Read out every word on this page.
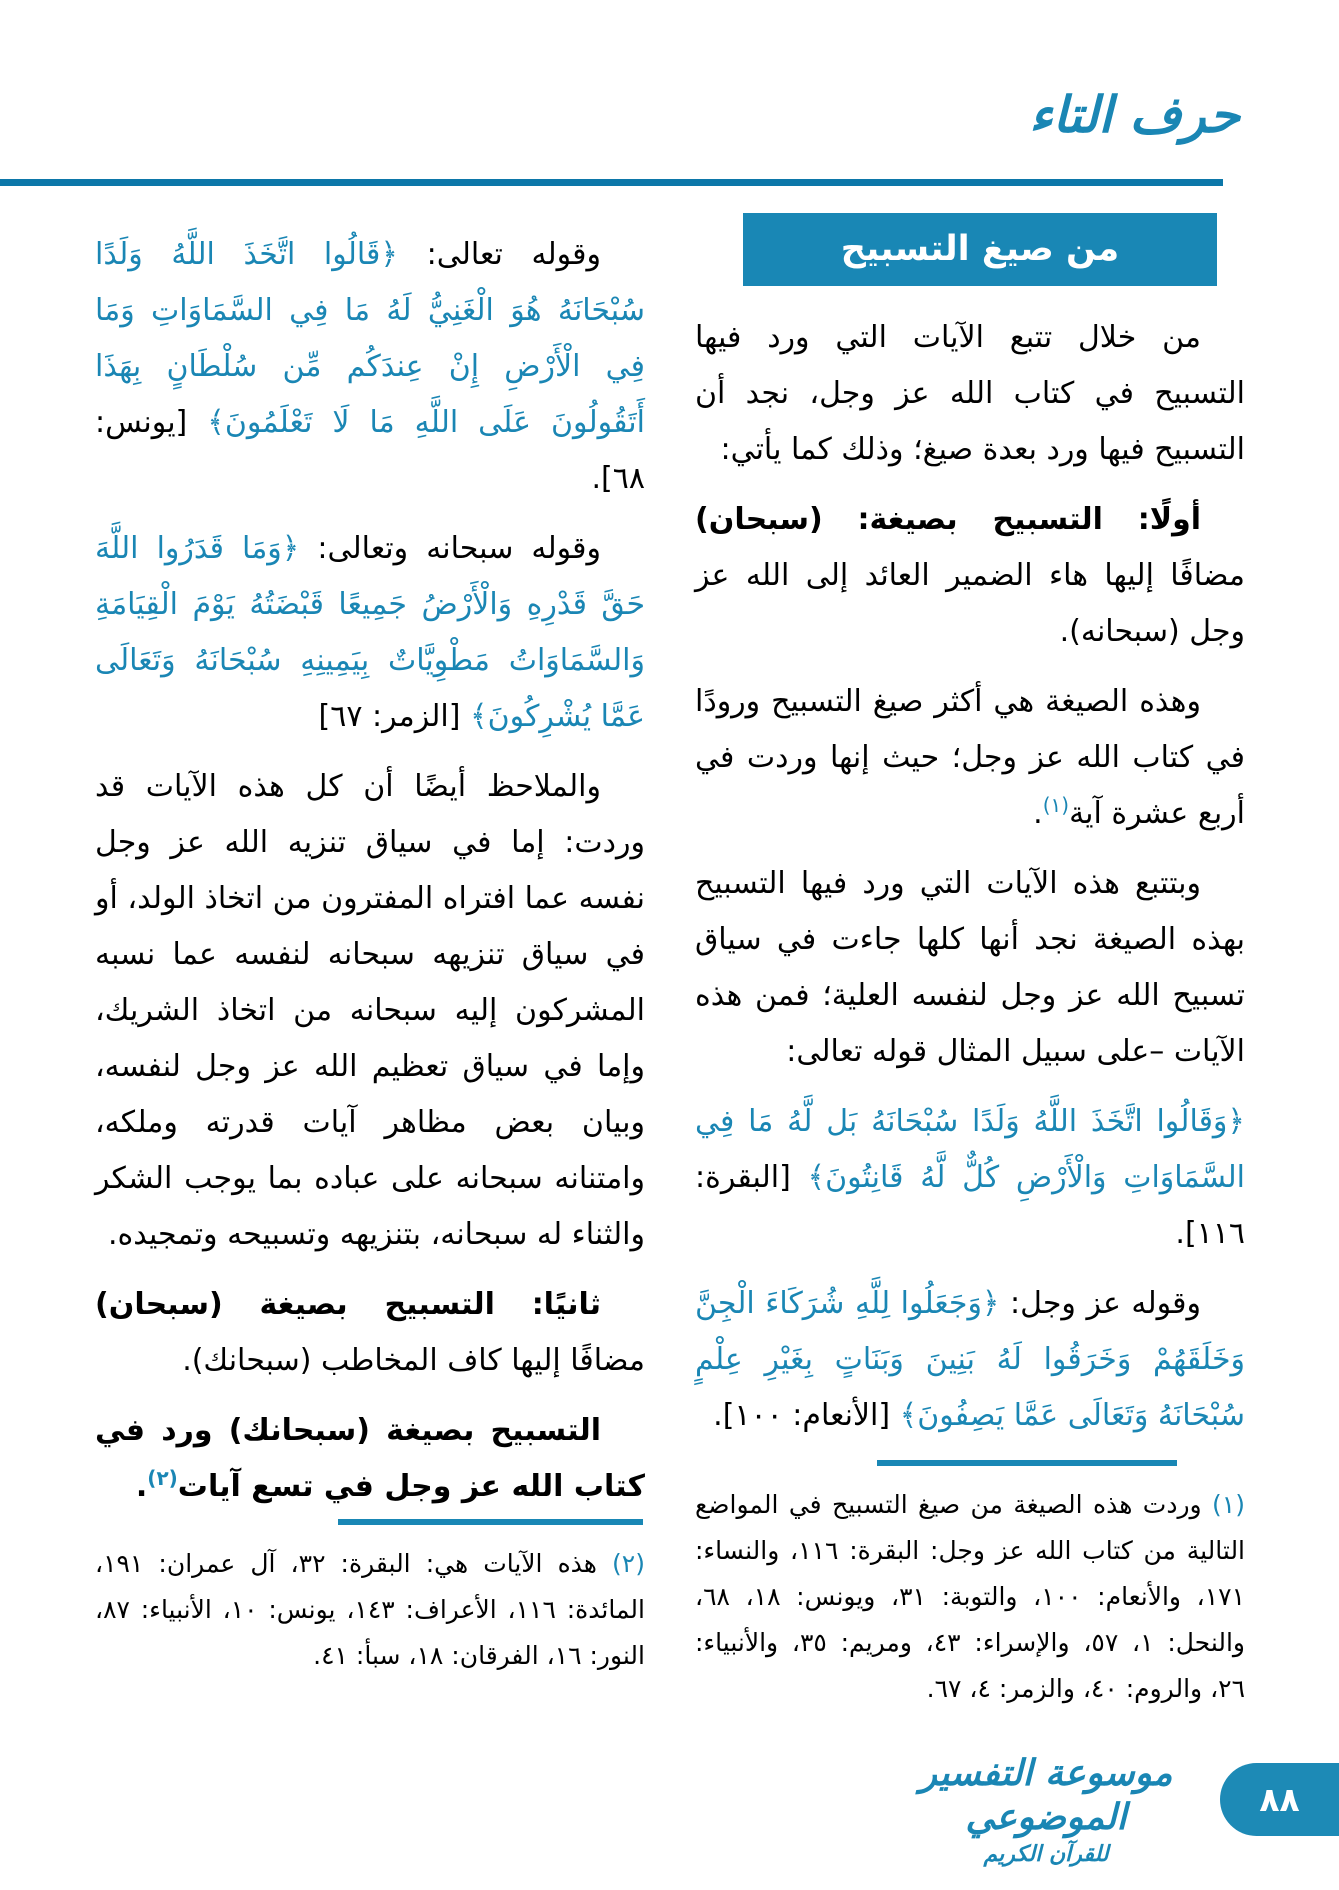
حرف التاء
من صيغ التسبيح

من خلال تتبع الآيات التي ورد فيها التسبيح في كتاب الله عز وجل، نجد أن التسبيح فيها ورد بعدة صيغ؛ وذلك كما يأتي:

أولًا: التسبيح بصيغة: (سبحان) مضافًا إليها هاء الضمير العائد إلى الله عز وجل (سبحانه).

وهذه الصيغة هي أكثر صيغ التسبيح ورودًا في كتاب الله عز وجل؛ حيث إنها وردت في أربع عشرة آية$^{(١)}$.

وبتتبع هذه الآيات التي ورد فيها التسبيح بهذه الصيغة نجد أنها كلها جاءت في سياق تسبيح الله عز وجل لنفسه العلية؛ فمن هذه الآيات –على سبيل المثال قوله تعالى:

﴿وَقَالُوا اتَّخَذَ اللَّهُ وَلَدًا سُبْحَانَهُ بَل لَّهُ مَا فِي السَّمَاوَاتِ وَالْأَرْضِ كُلٌّ لَّهُ قَانِتُونَ﴾ [البقرة: ١١٦].

وقوله عز وجل: ﴿وَجَعَلُوا لِلَّهِ شُرَكَاءَ الْجِنَّ وَخَلَقَهُمْ وَخَرَقُوا لَهُ بَنِينَ وَبَنَاتٍ بِغَيْرِ عِلْمٍ سُبْحَانَهُ وَتَعَالَى عَمَّا يَصِفُونَ﴾ [الأنعام: ١٠٠].

(١) وردت هذه الصيغة من صيغ التسبيح في المواضع التالية من كتاب الله عز وجل: البقرة: ١١٦، والنساء: ١٧١، والأنعام: ١٠٠، والتوبة: ٣١، ويونس: ١٨، ٦٨، والنحل: ١، ٥٧، والإسراء: ٤٣، ومريم: ٣٥، والأنبياء: ٢٦، والروم: ٤٠، والزمر: ٤، ٦٧.

وقوله تعالى: ﴿قَالُوا اتَّخَذَ اللَّهُ وَلَدًا سُبْحَانَهُ هُوَ الْغَنِيُّ لَهُ مَا فِي السَّمَاوَاتِ وَمَا فِي الْأَرْضِ إِنْ عِندَكُم مِّن سُلْطَانٍ بِهَذَا أَتَقُولُونَ عَلَى اللَّهِ مَا لَا تَعْلَمُونَ﴾ [يونس: ٦٨].

وقوله سبحانه وتعالى: ﴿وَمَا قَدَرُوا اللَّهَ حَقَّ قَدْرِهِ وَالْأَرْضُ جَمِيعًا قَبْضَتُهُ يَوْمَ الْقِيَامَةِ وَالسَّمَاوَاتُ مَطْوِيَّاتٌ بِيَمِينِهِ سُبْحَانَهُ وَتَعَالَى عَمَّا يُشْرِكُونَ﴾ [الزمر: ٦٧]

والملاحظ أيضًا أن كل هذه الآيات قد وردت: إما في سياق تنزيه الله عز وجل نفسه عما افتراه المفترون من اتخاذ الولد، أو في سياق تنزيهه سبحانه لنفسه عما نسبه المشركون إليه سبحانه من اتخاذ الشريك، وإما في سياق تعظيم الله عز وجل لنفسه، وبيان بعض مظاهر آيات قدرته وملكه، وامتنانه سبحانه على عباده بما يوجب الشكر والثناء له سبحانه، بتنزيهه وتسبيحه وتمجيده.

ثانيًا: التسبيح بصيغة (سبحان) مضافًا إليها كاف المخاطب (سبحانك).

التسبيح بصيغة (سبحانك) ورد في كتاب الله عز وجل في تسع آيات$^{(٢)}$.

(٢) هذه الآيات هي: البقرة: ٣٢، آل عمران: ١٩١، المائدة: ١١٦، الأعراف: ١٤٣، يونس: ١٠، الأنبياء: ٨٧، النور: ١٦، الفرقان: ١٨، سبأ: ٤١.

موسوعة التفسير الموضوعي
للقرآن الكريم
٨٨
